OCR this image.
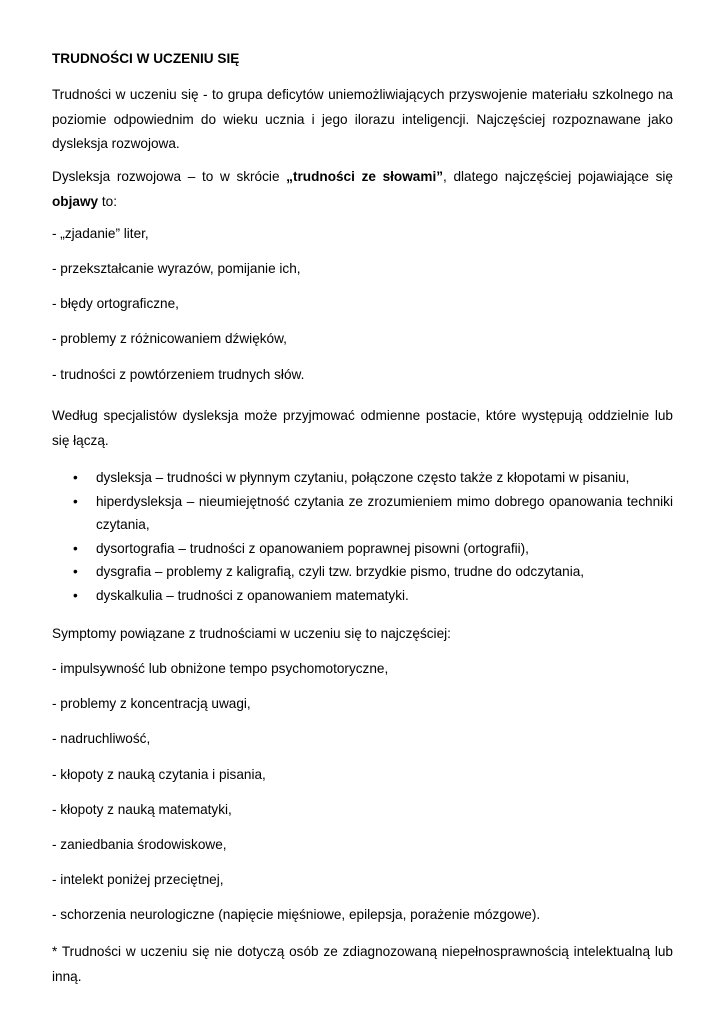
TRUDNOŚCI W UCZENIU SIĘ

Trudności w uczeniu się - to grupa deficytów uniemożliwiających przyswojenie materiału szkolnego na poziomie odpowiednim do wieku ucznia i jego ilorazu inteligencji. Najczęściej rozpoznawane jako dysleksja rozwojowa.

Dysleksja rozwojowa – to w skrócie „trudności ze słowami”, dlatego najczęściej pojawiające się objawy to:

- „zjadanie” liter,

- przekształcanie wyrazów, pomijanie ich,

- błędy ortograficzne,

- problemy z różnicowaniem dźwięków,

- trudności z powtórzeniem trudnych słów.

Według specjalistów dysleksja może przyjmować odmienne postacie, które występują oddzielnie lub się łączą.

• dysleksja – trudności w płynnym czytaniu, połączone często także z kłopotami w pisaniu,
• hiperdysleksja – nieumiejętność czytania ze zrozumieniem mimo dobrego opanowania techniki czytania,
• dysortografia – trudności z opanowaniem poprawnej pisowni (ortografii),
• dysgrafia – problemy z kaligrafią, czyli tzw. brzydkie pismo, trudne do odczytania,
• dyskalkulia – trudności z opanowaniem matematyki.

Symptomy powiązane z trudnościami w uczeniu się to najczęściej:

- impulsywność lub obniżone tempo psychomotoryczne,

- problemy z koncentracją uwagi,

- nadruchliwość,

- kłopoty z nauką czytania i pisania,

- kłopoty z nauką matematyki,

- zaniedbania środowiskowe,

- intelekt poniżej przeciętnej,

- schorzenia neurologiczne (napięcie mięśniowe, epilepsja, porażenie mózgowe).

* Trudności w uczeniu się nie dotyczą osób ze zdiagnozowaną niepełnosprawnością intelektualną lub inną.
